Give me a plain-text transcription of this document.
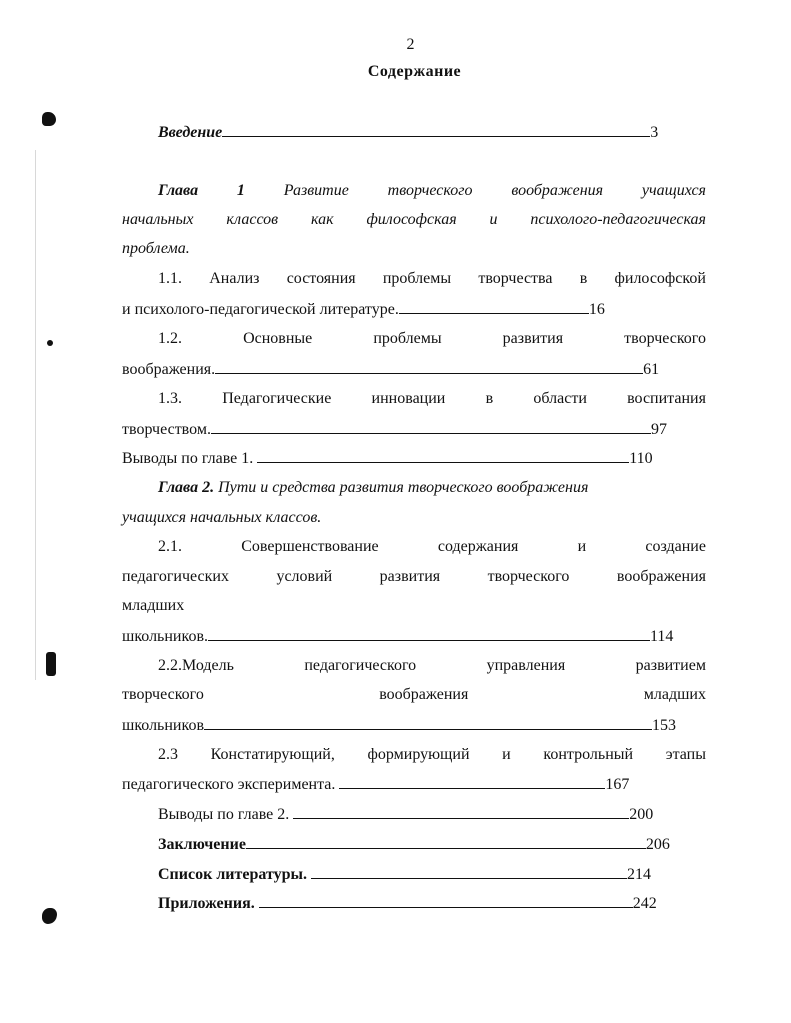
2
Содержание
Введение	3
Глава 1 Развитие творческого воображения учащихся
начальных классов как философская и психолого-педагогическая
проблема.
1.1. Анализ состояния проблемы творчества в философской
и психолого-педагогической литературе.	16
1.2.	Основные	проблемы	развития	творческого
воображения.	61
1.3.	Педагогические	инновации	в	области	воспитания
творчеством.	97
Выводы по главе 1.	110
Глава 2. Пути и средства развития творческого воображения
учащихся начальных классов.
2.1.	Совершенствование	содержания	и	создание
педагогических	условий	развития	творческого	воображения
младших
школьников.	114
2.2.Модель	педагогического	управления	развитием
творческого	воображения	младших
школьников	153
2.3 Констатирующий, формирующий и контрольный этапы
педагогического эксперимента.	167
Выводы по главе 2.	200
Заключение	206
Список литературы.	214
Приложения.	242
